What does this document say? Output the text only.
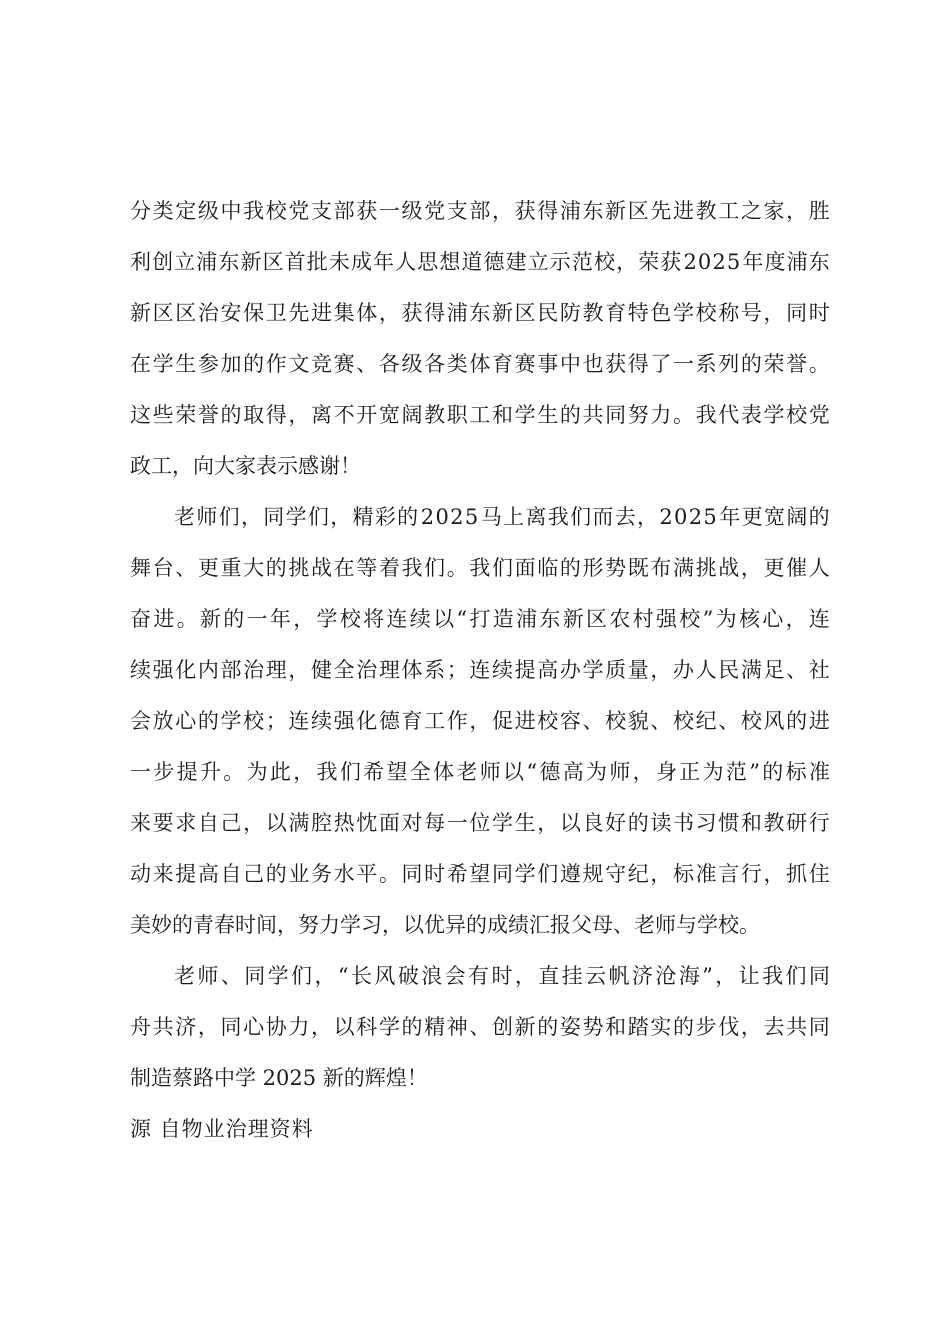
分 类 定 级 中 我 校 党 支 部 获 一 级 党 支 部 ， 获 得 浦 东 新 区 先 进 教 工 之 家 ， 胜
利 创 立 浦 东 新 区 首 批 未 成 年 人 思 想 道 德 建 立 示 范 校 ， 荣 获 2 0 2 5 年 度 浦 东
新 区 区 治 安 保 卫 先 进 集 体 ， 获 得 浦 东 新 区 民 防 教 育 特 色 学 校 称 号 ， 同 时
在 学 生 参 加 的 作 文 竞 赛 、 各 级 各 类 体 育 赛 事 中 也 获 得 了 一 系 列 的 荣 誉 。
这 些 荣 誉 的 取 得 ， 离 不 开 宽 阔 教 职 工 和 学 生 的 共 同 努 力 。 我 代 表 学 校 党
政工，向大家表示感谢！
老 师 们 ， 同 学 们 ， 精 彩 的 2 0 2 5 马 上 离 我 们 而 去 ， 2 0 2 5 年 更 宽 阔 的
舞 台 、 更 重 大 的 挑 战 在 等 着 我 们 。 我 们 面 临 的 形 势 既 布 满 挑 战 ， 更 催 人
奋 进 。 新 的 一 年 ， 学 校 将 连 续 以 “ 打 造 浦 东 新 区 农 村 强 校 ” 为 核 心 ， 连
续 强 化 内 部 治 理 ， 健 全 治 理 体 系 ； 连 续 提 高 办 学 质 量 ， 办 人 民 满 足 、 社
会 放 心 的 学 校 ； 连 续 强 化 德 育 工 作 ， 促 进 校 容 、 校 貌 、 校 纪 、 校 风 的 进
一 步 提 升 。 为 此 ， 我 们 希 望 全 体 老 师 以 “ 德 高 为 师 ， 身 正 为 范 ” 的 标 准
来 要 求 自 己 ， 以 满 腔 热 忱 面 对 每 一 位 学 生 ， 以 良 好 的 读 书 习 惯 和 教 研 行
动 来 提 高 自 己 的 业 务 水 平 。 同 时 希 望 同 学 们 遵 规 守 纪 ， 标 准 言 行 ， 抓 住
美妙的青春时间，努力学习，以优异的成绩汇报父母、老师与学校。
老 师 、 同 学 们 ， “ 长 风 破 浪 会 有 时 ， 直 挂 云 帆 济 沧 海 ” ， 让 我 们 同
舟 共 济 ， 同 心 协 力 ， 以 科 学 的 精 神 、 创 新 的 姿 势 和 踏 实 的 步 伐 ， 去 共 同
制造蔡路中学 2025 新的辉煌！
源 自物业治理资料
